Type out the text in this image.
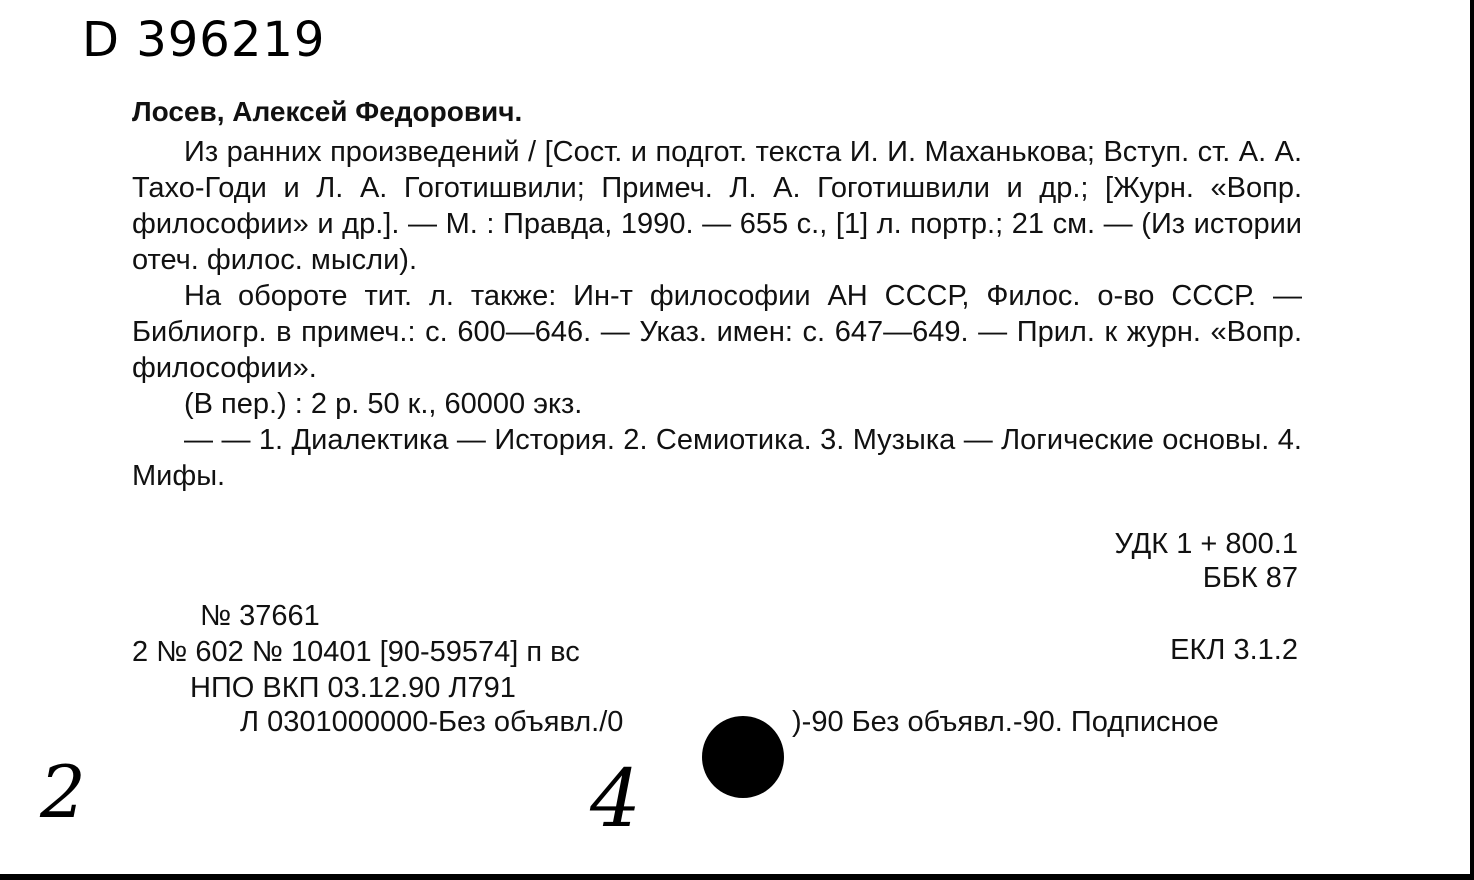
D 396219
Лосев, Алексей Федорович.

Из ранних произведений / [Сост. и подгот. текста И. И. Маханькова; Вступ. ст. А. А. Тахо-Годи и Л. А. Гоготишвили; Примеч. Л. А. Гоготишвили и др.; [Журн. «Вопр. философии» и др.]. — М. : Правда, 1990. — 655 с., [1] л. портр.; 21 см. — (Из истории отеч. филос. мысли).

На обороте тит. л. также: Ин-т философии АН СССР, Филос. о-во СССР. — Библиогр. в примеч.: с. 600—646. — Указ. имен: с. 647—649. — Прил. к журн. «Вопр. философии».

(В пер.) : 2 р. 50 к., 60000 экз.

— — 1. Диалектика — История. 2. Семиотика. 3. Музыка — Логические основы. 4. Мифы.

УДК 1 + 800.1
ББК 87
№ 37661
2 № 602 № 10401 [90-59574] п вс	ЕКЛ 3.1.2
НПО ВКП 03.12.90 Л791
Л 0301000000-Без объявл./0	)-90 Без объявл.-90. Подписное
2	4
